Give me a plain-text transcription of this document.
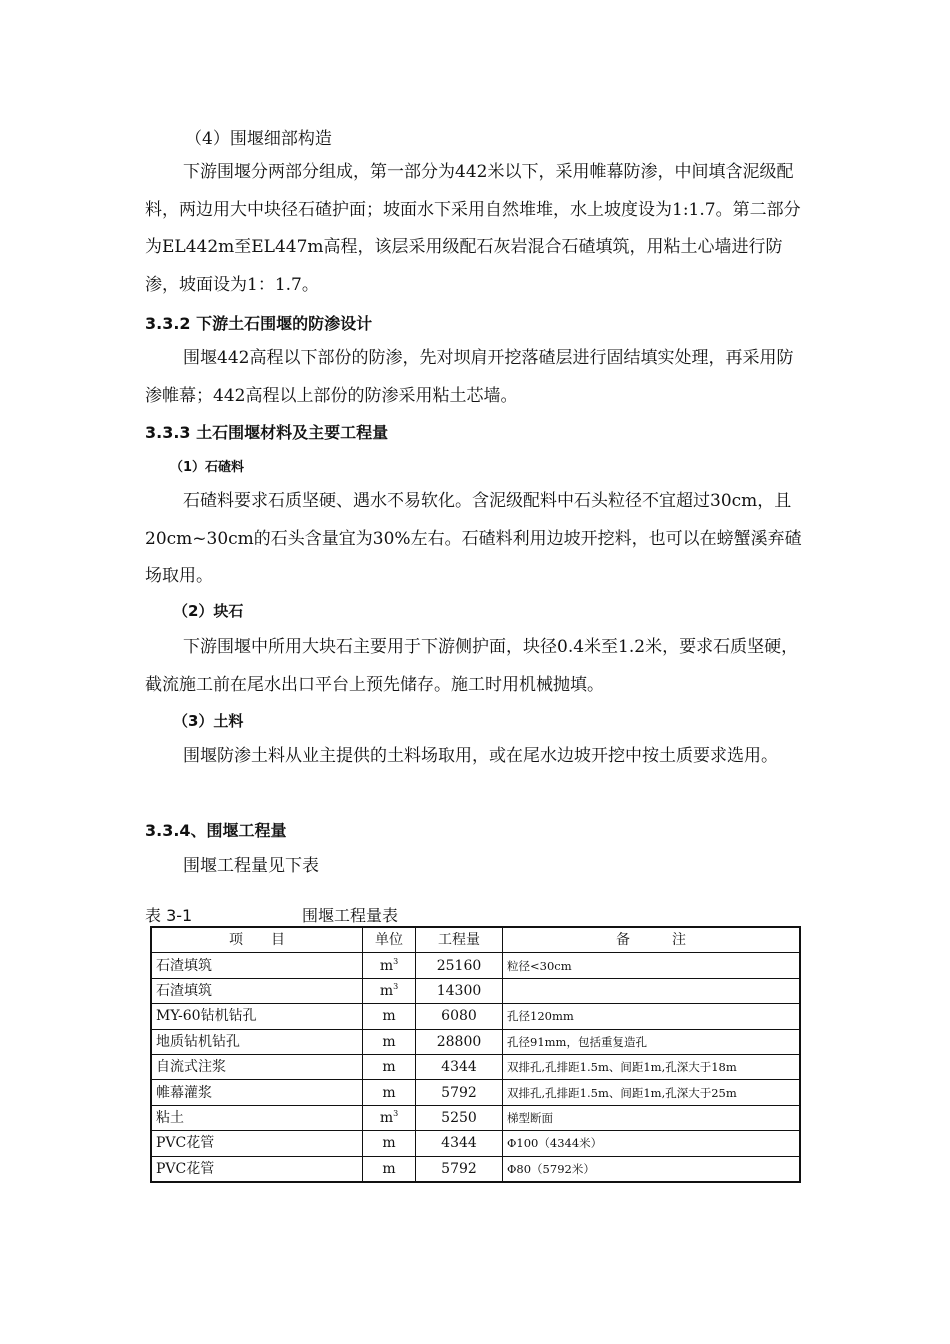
（4）围堰细部构造
下游围堰分两部分组成，第一部分为442米以下，采用帷幕防渗，中间填含泥级配料，两边用大中块径石碴护面；坡面水下采用自然堆堆，水上坡度设为1:1.7。第二部分为EL442m至EL447m高程，该层采用级配石灰岩混合石碴填筑，用粘土心墙进行防渗，坡面设为1：1.7。
3.3.2 下游土石围堰的防渗设计
围堰442高程以下部份的防渗，先对坝肩开挖落碴层进行固结填实处理，再采用防渗帷幕；442高程以上部份的防渗采用粘土芯墙。
3.3.3 土石围堰材料及主要工程量
（1）石碴料
石碴料要求石质坚硬、遇水不易软化。含泥级配料中石头粒径不宜超过30cm，且20cm~30cm的石头含量宜为30%左右。石碴料利用边坡开挖料，也可以在螃蟹溪弃碴场取用。
（2）块石
下游围堰中所用大块石主要用于下游侧护面，块径0.4米至1.2米，要求石质坚硬，截流施工前在尾水出口平台上预先储存。施工时用机械抛填。
（3）土料
围堰防渗土料从业主提供的土料场取用，或在尾水边坡开挖中按土质要求选用。
3.3.4、围堰工程量
围堰工程量见下表
表 3-1	围堰工程量表
项　　目	单位	工程量	备　　　注
石渣填筑	$m^3$	25160	粒径<30cm
石渣填筑	$m^3$	14300	
MY-60钻机钻孔	m	6080	孔径120mm
地质钻机钻孔	m	28800	孔径91mm，包括重复造孔
自流式注浆	m	4344	双排孔,孔排距1.5m、间距1m,孔深大于18m
帷幕灌浆	m	5792	双排孔,孔排距1.5m、间距1m,孔深大于25m
粘土	$m^3$	5250	梯型断面
PVC花管	m	4344	Φ100（4344米）
PVC花管	m	5792	Φ80（5792米）
